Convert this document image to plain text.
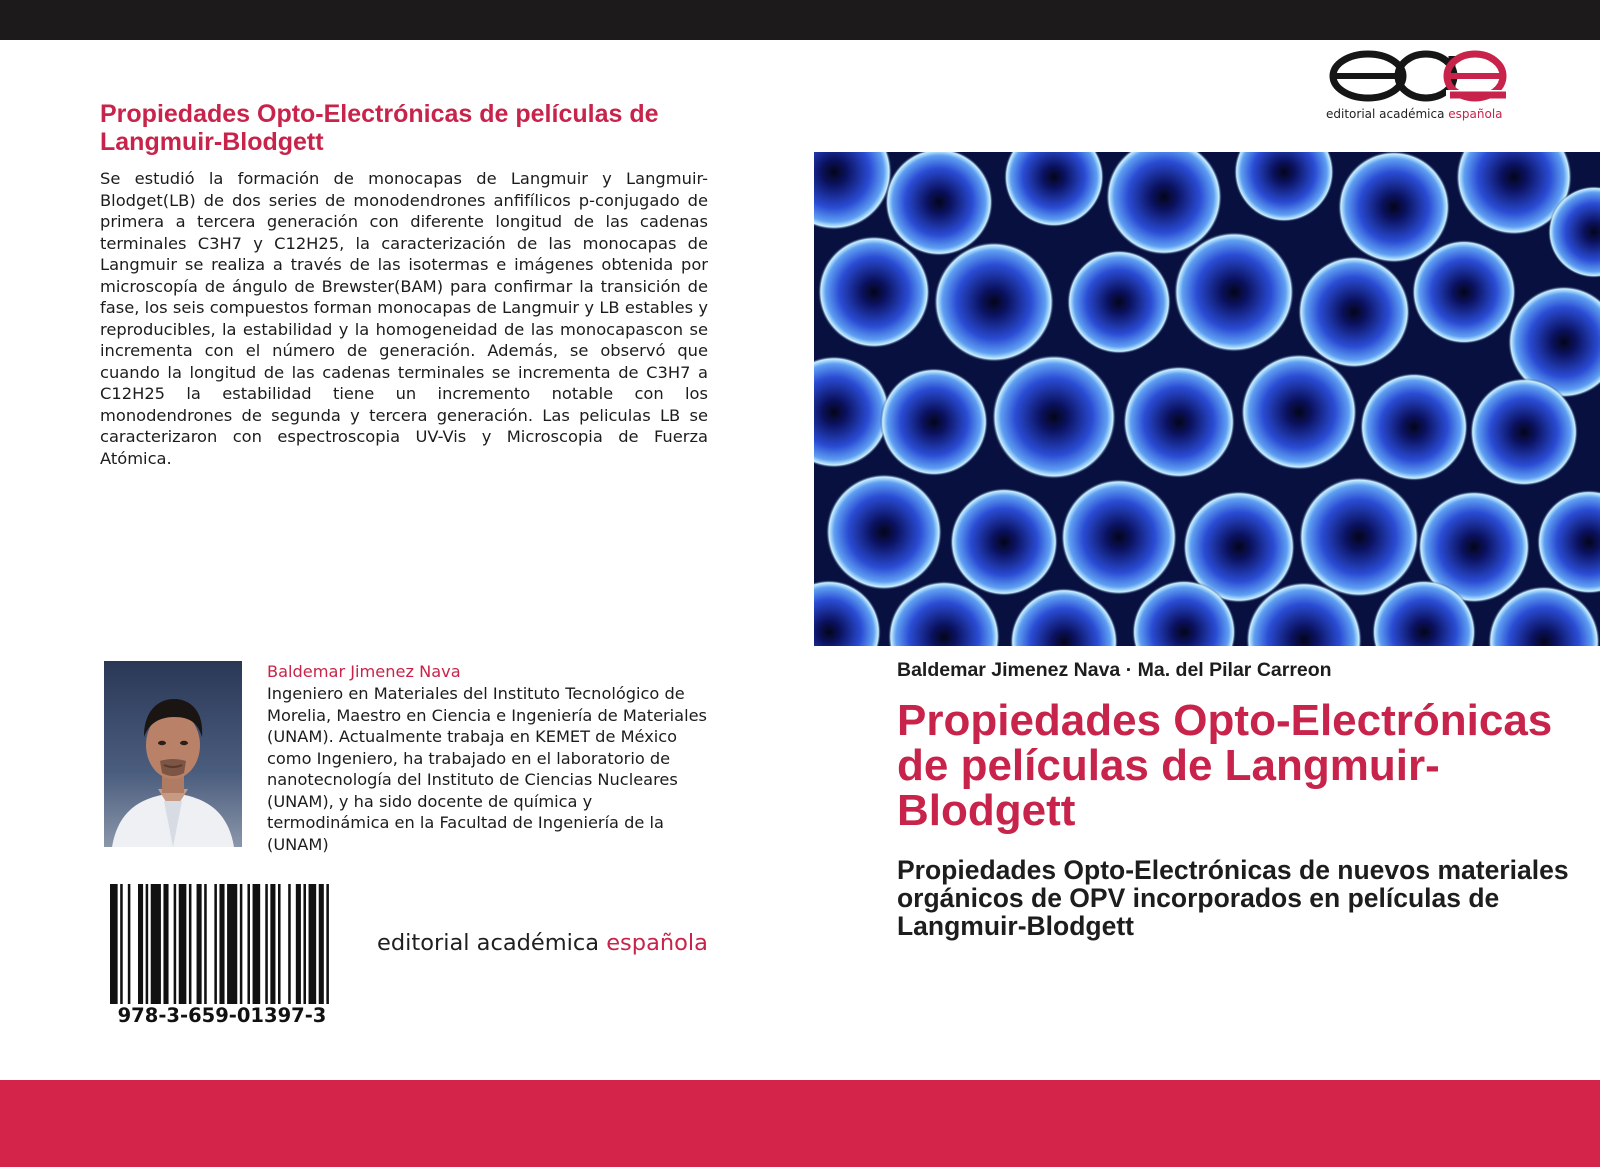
Propiedades Opto-Electrónicas de películas de Langmuir-Blodgett

Se estudió la formación de monocapas de Langmuir y Langmuir-Blodget(LB) de dos series de monodendrones anfifílicos p-conjugado de primera a tercera generación con diferente longitud de las cadenas terminales C3H7 y C12H25, la caracterización de las monocapas de Langmuir se realiza a través de las isotermas e imágenes obtenida por microscopía de ángulo de Brewster(BAM) para confirmar la transición de fase, los seis compuestos forman monocapas de Langmuir y LB estables y reproducibles, la estabilidad y la homogeneidad de las monocapascon se incrementa con el número de generación. Además, se observó que cuando la longitud de las cadenas terminales se incrementa de C3H7 a C12H25 la estabilidad tiene un incremento notable con los monodendrones de segunda y tercera generación. Las peliculas LB se caracterizaron con espectroscopia UV-Vis y Microscopia de Fuerza Atómica.

Baldemar Jimenez Nava

Ingeniero en Materiales del Instituto Tecnológico de Morelia, Maestro en Ciencia e Ingeniería de Materiales (UNAM). Actualmente trabaja en KEMET de México como Ingeniero, ha trabajado en el laboratorio de nanotecnología del Instituto de Ciencias Nucleares (UNAM), y ha sido docente de química y termodinámica en la Facultad de Ingeniería de la (UNAM)

978-3-659-01397-3

editorial académica española

editorial académica española

Baldemar Jimenez Nava · Ma. del Pilar Carreon

Propiedades Opto-Electrónicas de películas de Langmuir-Blodgett

Propiedades Opto-Electrónicas de nuevos materiales orgánicos de OPV incorporados en películas de Langmuir-Blodgett
